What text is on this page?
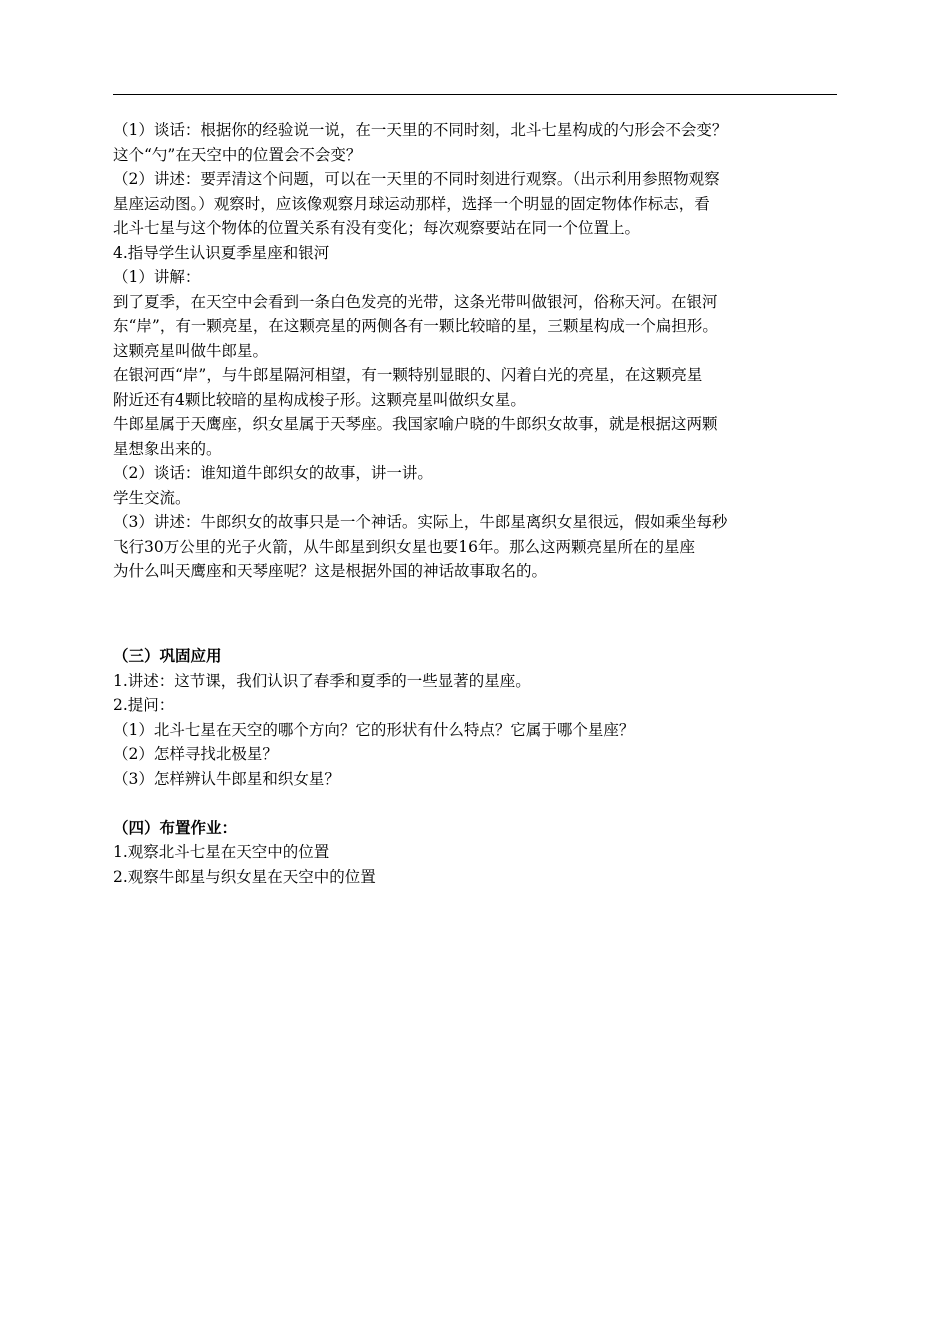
（1）谈话：根据你的经验说一说，在一天里的不同时刻，北斗七星构成的勺形会不会变？
这个“勺”在天空中的位置会不会变？
（2）讲述：要弄清这个问题，可以在一天里的不同时刻进行观察。（出示利用参照物观察
星座运动图。）观察时，应该像观察月球运动那样，选择一个明显的固定物体作标志，看
北斗七星与这个物体的位置关系有没有变化；每次观察要站在同一个位置上。
4.指导学生认识夏季星座和银河
（1）讲解：
到了夏季，在天空中会看到一条白色发亮的光带，这条光带叫做银河，俗称天河。在银河
东“岸”，有一颗亮星，在这颗亮星的两侧各有一颗比较暗的星，三颗星构成一个扁担形。
这颗亮星叫做牛郎星。
在银河西“岸”，与牛郎星隔河相望，有一颗特别显眼的、闪着白光的亮星，在这颗亮星
附近还有4颗比较暗的星构成梭子形。这颗亮星叫做织女星。
牛郎星属于天鹰座，织女星属于天琴座。我国家喻户晓的牛郎织女故事，就是根据这两颗
星想象出来的。
（2）谈话：谁知道牛郎织女的故事，讲一讲。
学生交流。
（3）讲述：牛郎织女的故事只是一个神话。实际上，牛郎星离织女星很远，假如乘坐每秒
飞行30万公里的光子火箭，从牛郎星到织女星也要16年。那么这两颗亮星所在的星座
为什么叫天鹰座和天琴座呢？这是根据外国的神话故事取名的。
（三）巩固应用
1.讲述：这节课，我们认识了春季和夏季的一些显著的星座。
2.提问：
（1）北斗七星在天空的哪个方向？它的形状有什么特点？它属于哪个星座？
（2）怎样寻找北极星？
（3）怎样辨认牛郎星和织女星？
（四）布置作业：
1.观察北斗七星在天空中的位置
2.观察牛郎星与织女星在天空中的位置
